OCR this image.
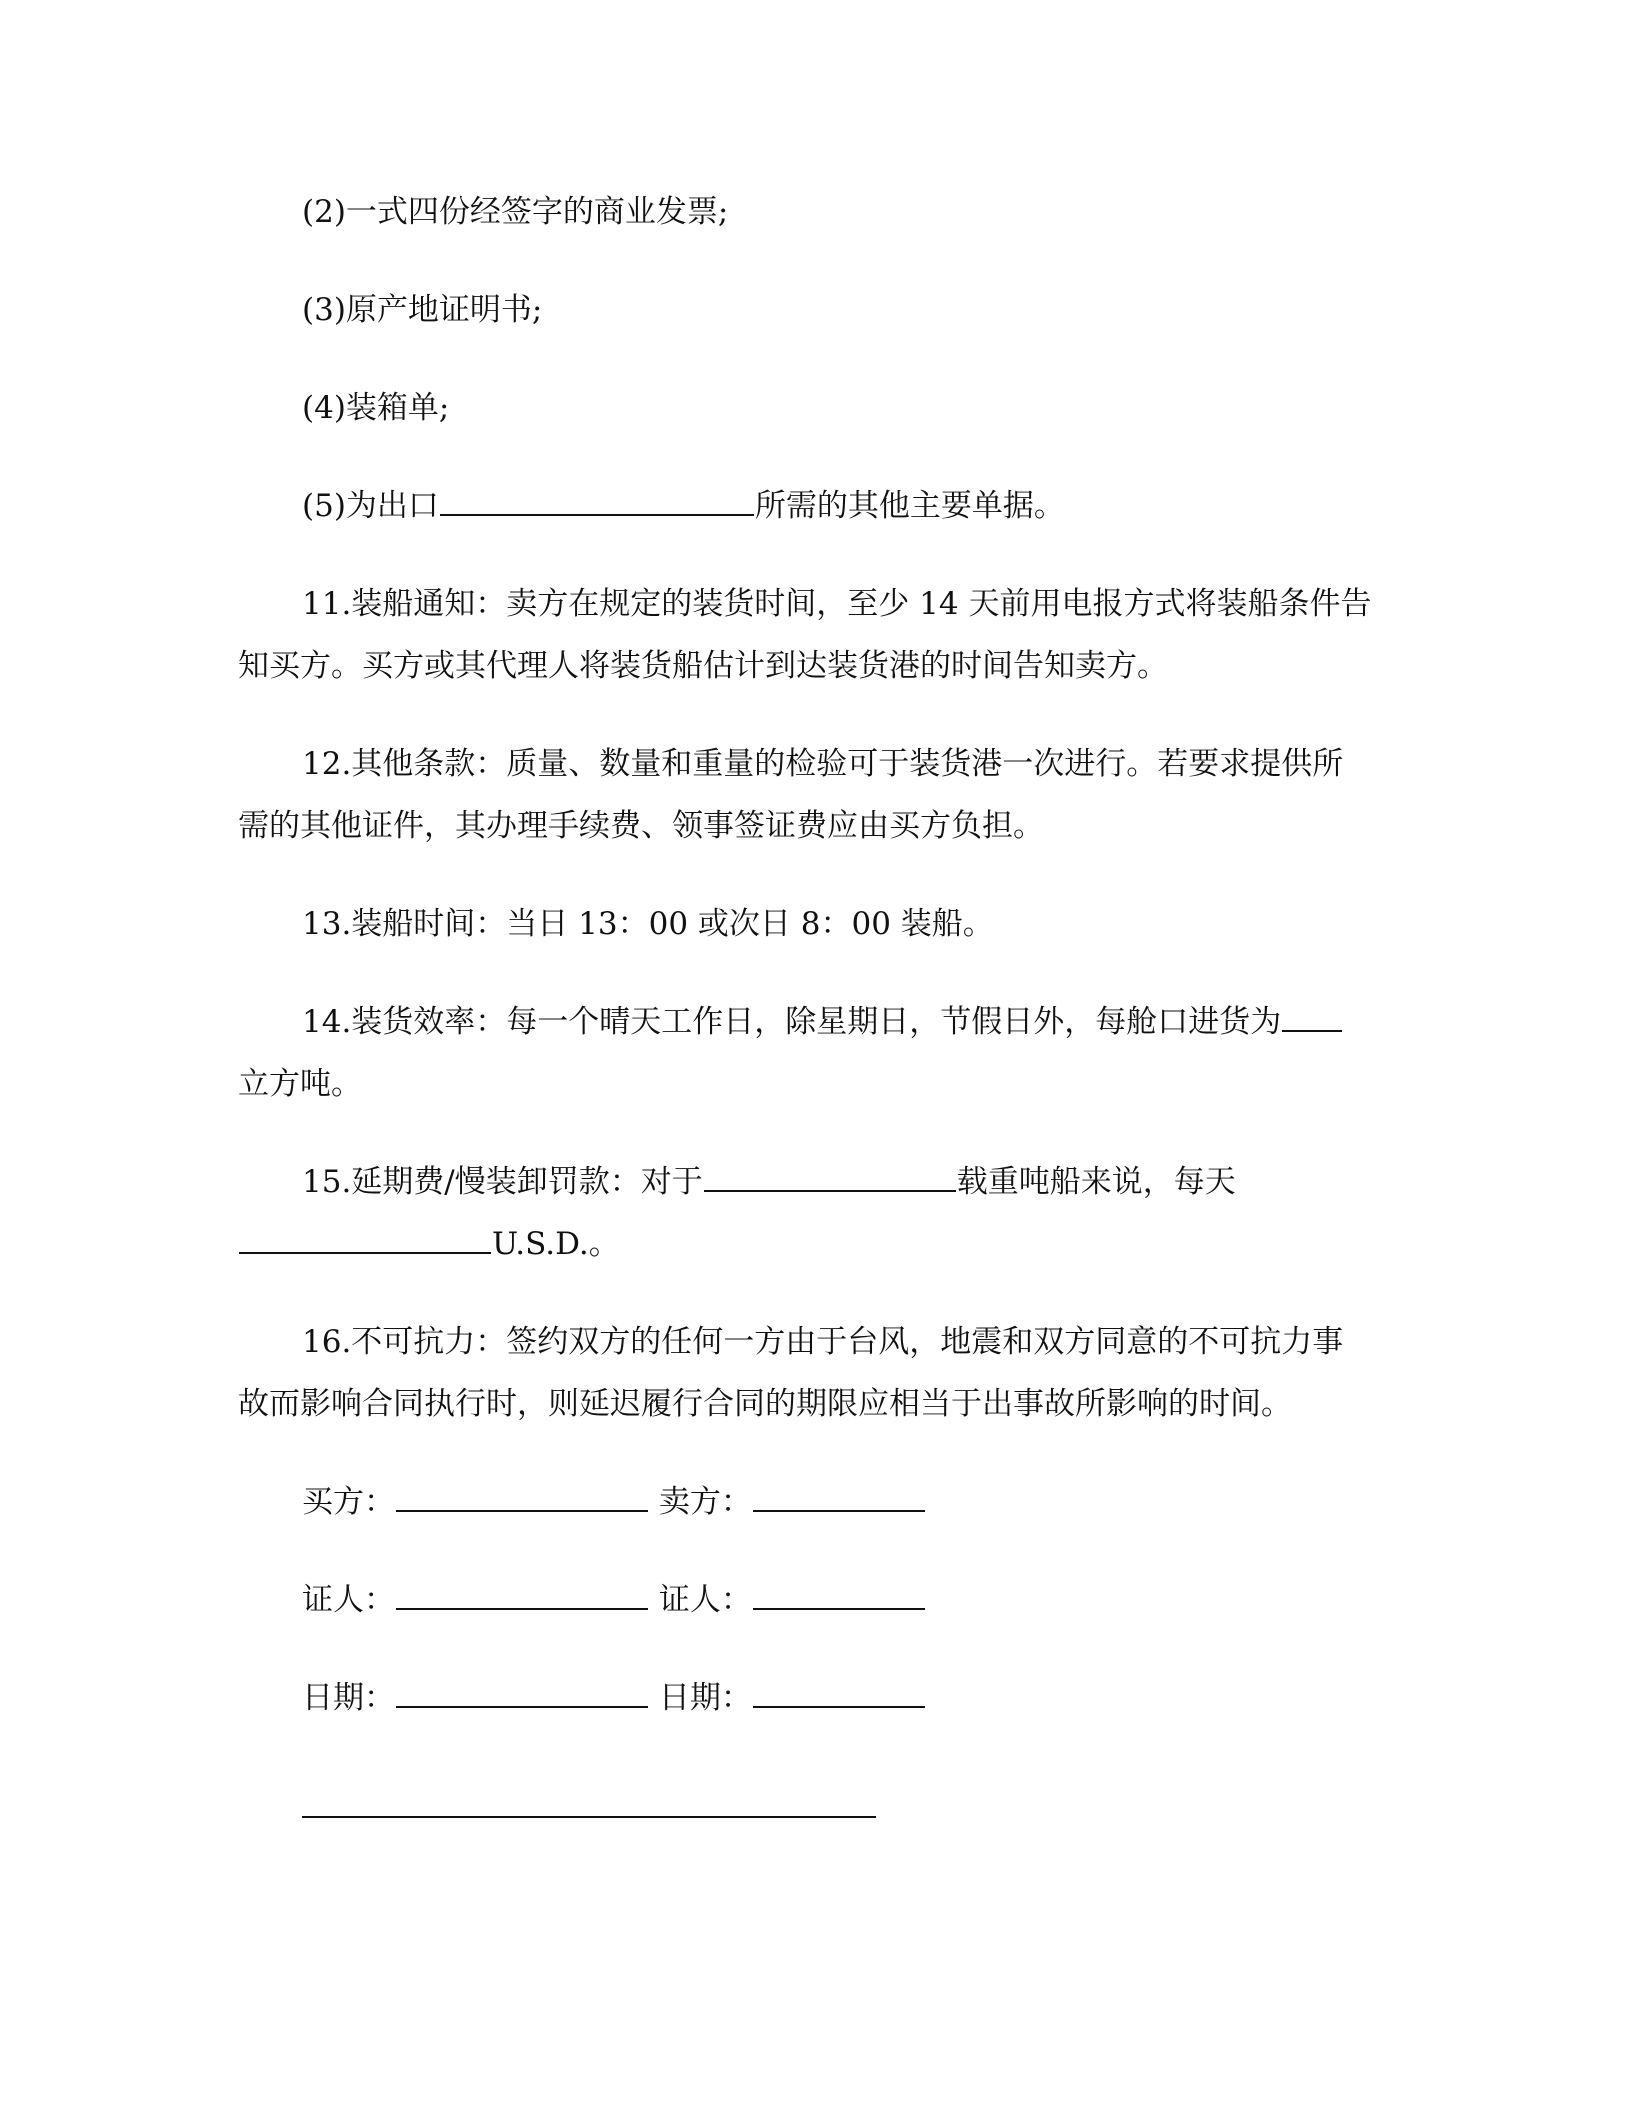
(2)一式四份经签字的商业发票;

(3)原产地证明书;

(4)装箱单;

(5)为出口	所需的其他主要单据。

11.装船通知：卖方在规定的装货时间，至少 14 天前用电报方式将装船条件告

知买方。买方或其代理人将装货船估计到达装货港的时间告知卖方。

12.其他条款：质量、数量和重量的检验可于装货港一次进行。若要求提供所

需的其他证件，其办理手续费、领事签证费应由买方负担。

13.装船时间：当日 13：00 或次日 8：00 装船。

14.装货效率：每一个晴天工作日，除星期日，节假日外，每舱口进货为

立方吨。

15.延期费/慢装卸罚款：对于	载重吨船来说，每天

U.S.D.。

16.不可抗力：签约双方的任何一方由于台风，地震和双方同意的不可抗力事

故而影响合同执行时，则延迟履行合同的期限应相当于出事故所影响的时间。

买方：	卖方：

证人：	证人：

日期：	日期：
